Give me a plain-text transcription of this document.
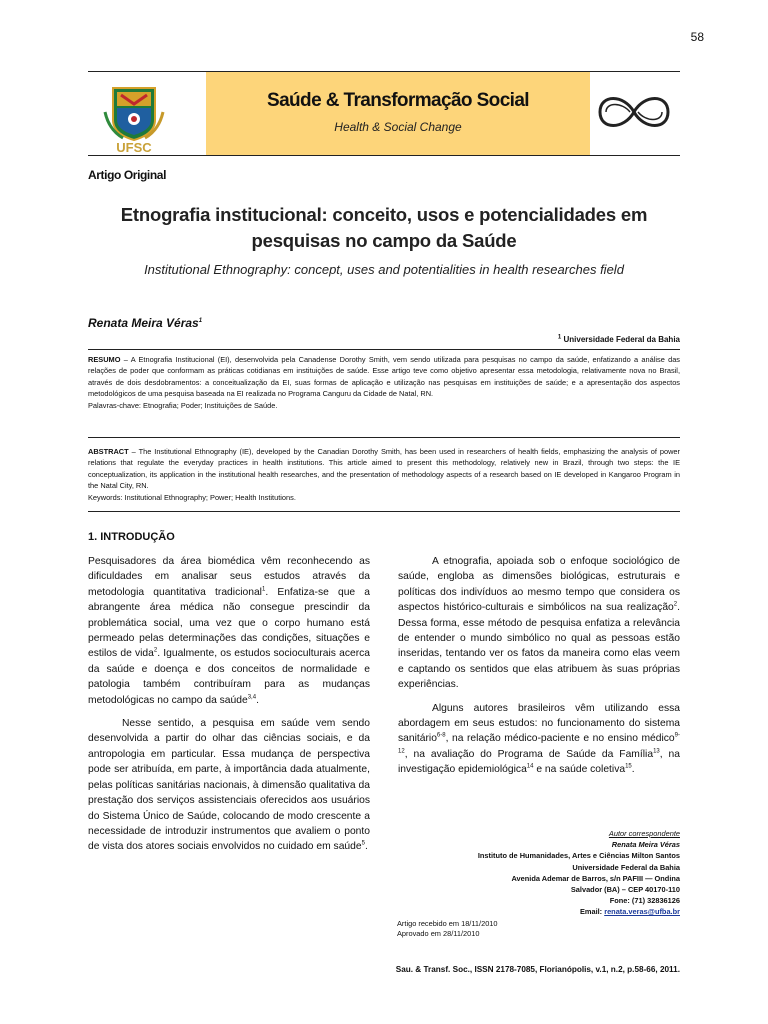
58
UFSC
Saúde & Transformação Social
Health & Social Change
Artigo Original
Etnografia institucional: conceito, usos e potencialidades em
pesquisas no campo da Saúde
Institutional Ethnography: concept, uses and potentialities in health researches field
Renata Meira Véras$^1$
$^1$ Universidade Federal da Bahia

RESUMO – A Etnografia Institucional (EI), desenvolvida pela Canadense Dorothy Smith, vem sendo utilizada para pesquisas no campo da saúde, enfatizando a análise das relações de poder que conformam as práticas cotidianas em instituições de saúde. Esse artigo teve como objetivo apresentar essa metodologia, relativamente nova no Brasil, através de dois desdobramentos: a conceitualização da EI, suas formas de aplicação e utilização nas pesquisas em instituições de saúde; e a apresentação dos aspectos metodológicos de uma pesquisa baseada na EI realizada no Programa Canguru da Cidade de Natal, RN.

Palavras-chave: Etnografia; Poder; Instituições de Saúde.

ABSTRACT – The Institutional Ethnography (IE), developed by the Canadian Dorothy Smith, has been used in researchers of health fields, emphasizing the analysis of power relations that regulate the everyday practices in health institutions. This article aimed to present this methodology, relatively new in Brazil, through two steps: the IE conceptualization, its application in the institutional health researches, and the presentation of methodology aspects of a research based on IE developed in Kangaroo Program in the Natal City, RN.

Keywords: Institutional Ethnography; Power; Health Institutions.

1. INTRODUÇÃO

Pesquisadores da área biomédica vêm reconhecendo as dificuldades em analisar seus estudos através da metodologia quantitativa tradicional$^1$. Enfatiza-se que a abrangente área médica não consegue prescindir da problemática social, uma vez que o corpo humano está permeado pelas determinações das condições, situações e estilos de vida$^2$. Igualmente, os estudos socioculturais acerca da saúde e doença e dos conceitos de normalidade e patologia também contribuíram para as mudanças metodológicas no campo da saúde$^{3,4}$.

Nesse sentido, a pesquisa em saúde vem sendo desenvolvida a partir do olhar das ciências sociais, e da antropologia em particular. Essa mudança de perspectiva pode ser atribuída, em parte, à importância dada atualmente, pelas políticas sanitárias nacionais, à dimensão qualitativa da prestação dos serviços assistenciais oferecidos aos usuários do Sistema Único de Saúde, colocando de modo crescente a necessidade de introduzir instrumentos que avaliem o ponto de vista dos atores sociais envolvidos no cuidado em saúde$^5$.

A etnografia, apoiada sob o enfoque sociológico de saúde, engloba as dimensões biológicas, estruturais e políticas dos indivíduos ao mesmo tempo que considera os aspectos histórico-culturais e simbólicos na sua realização$^2$. Dessa forma, esse método de pesquisa enfatiza a relevância de entender o mundo simbólico no qual as pessoas estão inseridas, tentando ver os fatos da maneira como elas veem e captando os sentidos que elas atribuem às suas próprias experiências.

Alguns autores brasileiros vêm utilizando essa abordagem em seus estudos: no funcionamento do sistema sanitário$^{6-8}$, na relação médico-paciente e no ensino médico$^{9-12}$, na avaliação do Programa de Saúde da Família$^{13}$, na investigação epidemiológica$^{14}$ e na saúde coletiva$^{15}$.

Autor correspondente
Renata Meira Véras
Instituto de Humanidades, Artes e Ciências Milton Santos
Universidade Federal da Bahia
Avenida Ademar de Barros, s/n PAFIII — Ondina
Salvador (BA) – CEP 40170-110
Fone: (71) 32836126
Email: renata.veras@ufba.br
Artigo recebido em 18/11/2010
Aprovado em 28/11/2010
Sau. & Transf. Soc., ISSN 2178-7085, Florianópolis, v.1, n.2, p.58-66, 2011.
